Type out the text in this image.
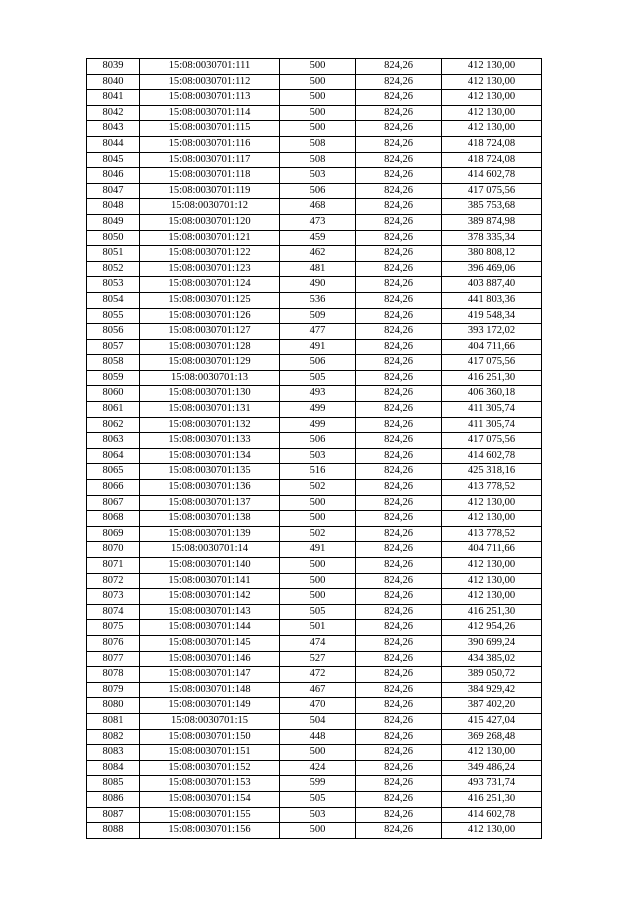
8039	15:08:0030701:111	500	824,26	412 130,00
8040	15:08:0030701:112	500	824,26	412 130,00
8041	15:08:0030701:113	500	824,26	412 130,00
8042	15:08:0030701:114	500	824,26	412 130,00
8043	15:08:0030701:115	500	824,26	412 130,00
8044	15:08:0030701:116	508	824,26	418 724,08
8045	15:08:0030701:117	508	824,26	418 724,08
8046	15:08:0030701:118	503	824,26	414 602,78
8047	15:08:0030701:119	506	824,26	417 075,56
8048	15:08:0030701:12	468	824,26	385 753,68
8049	15:08:0030701:120	473	824,26	389 874,98
8050	15:08:0030701:121	459	824,26	378 335,34
8051	15:08:0030701:122	462	824,26	380 808,12
8052	15:08:0030701:123	481	824,26	396 469,06
8053	15:08:0030701:124	490	824,26	403 887,40
8054	15:08:0030701:125	536	824,26	441 803,36
8055	15:08:0030701:126	509	824,26	419 548,34
8056	15:08:0030701:127	477	824,26	393 172,02
8057	15:08:0030701:128	491	824,26	404 711,66
8058	15:08:0030701:129	506	824,26	417 075,56
8059	15:08:0030701:13	505	824,26	416 251,30
8060	15:08:0030701:130	493	824,26	406 360,18
8061	15:08:0030701:131	499	824,26	411 305,74
8062	15:08:0030701:132	499	824,26	411 305,74
8063	15:08:0030701:133	506	824,26	417 075,56
8064	15:08:0030701:134	503	824,26	414 602,78
8065	15:08:0030701:135	516	824,26	425 318,16
8066	15:08:0030701:136	502	824,26	413 778,52
8067	15:08:0030701:137	500	824,26	412 130,00
8068	15:08:0030701:138	500	824,26	412 130,00
8069	15:08:0030701:139	502	824,26	413 778,52
8070	15:08:0030701:14	491	824,26	404 711,66
8071	15:08:0030701:140	500	824,26	412 130,00
8072	15:08:0030701:141	500	824,26	412 130,00
8073	15:08:0030701:142	500	824,26	412 130,00
8074	15:08:0030701:143	505	824,26	416 251,30
8075	15:08:0030701:144	501	824,26	412 954,26
8076	15:08:0030701:145	474	824,26	390 699,24
8077	15:08:0030701:146	527	824,26	434 385,02
8078	15:08:0030701:147	472	824,26	389 050,72
8079	15:08:0030701:148	467	824,26	384 929,42
8080	15:08:0030701:149	470	824,26	387 402,20
8081	15:08:0030701:15	504	824,26	415 427,04
8082	15:08:0030701:150	448	824,26	369 268,48
8083	15:08:0030701:151	500	824,26	412 130,00
8084	15:08:0030701:152	424	824,26	349 486,24
8085	15:08:0030701:153	599	824,26	493 731,74
8086	15:08:0030701:154	505	824,26	416 251,30
8087	15:08:0030701:155	503	824,26	414 602,78
8088	15:08:0030701:156	500	824,26	412 130,00
